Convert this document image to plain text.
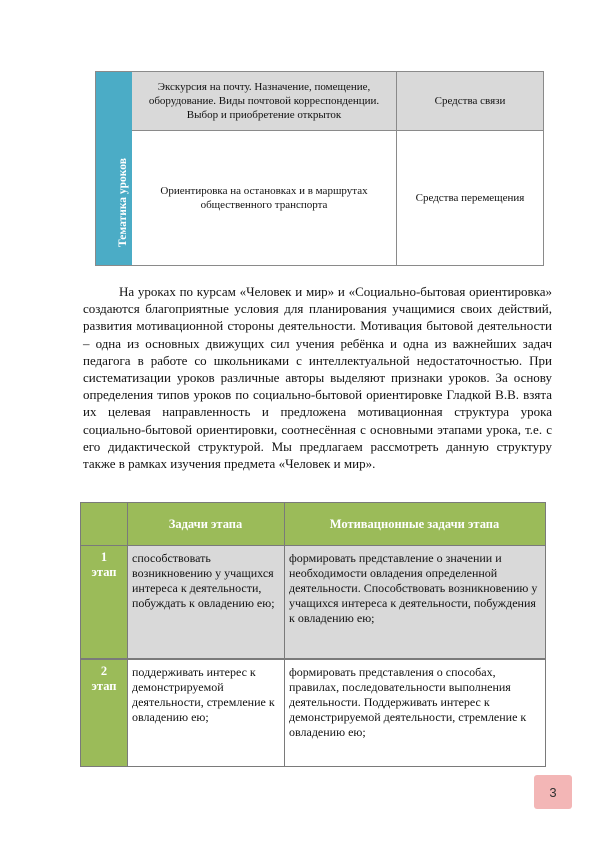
Тематика уроков
Экскурсия на почту. Назначение, помещение, оборудование. Виды почтовой корреспонденции. Выбор и приобретение открыток
Средства связи
Ориентировка на остановках и в маршрутах общественного транспорта
Средства перемещения

На уроках по курсам «Человек и мир» и «Социально-бытовая ориентировка» создаются благоприятные условия для планирования учащимися своих действий, развития мотивационной стороны деятельности. Мотивация бытовой деятельности – одна из основных движущих сил учения ребёнка и одна из важнейших задач педагога в работе со школьниками с интеллектуальной недостаточностью. При систематизации уроков различные авторы выделяют признаки уроков. За основу определения типов уроков по социально-бытовой ориентировке Гладкой В.В. взята их целевая направленность и предложена мотивационная структура урока социально-бытовой ориентировки, соотнесённая с основными этапами урока, т.е. с его дидактической структурой. Мы предлагаем рассмотреть данную структуру также в рамках изучения предмета «Человек и мир».

Задачи этапа	Мотивацнонные задачи этапа
1
этап
способствовать возникновению у учащихся интереса к деятельности, побуждать к овладению ею;
формировать представление о значении и необходимости овладения определенной деятельности. Способствовать возникновению у учащихся интереса к деятельности, побуждения к овладению ею;
2
этап
поддерживать интерес к демонстрируемой деятельности, стремление к овладению ею;
формировать представления о способах, правилах, последовательности выполнения деятельности. Поддерживать интерес к демонстрируемой деятельности, стремление к овладению ею;
3
